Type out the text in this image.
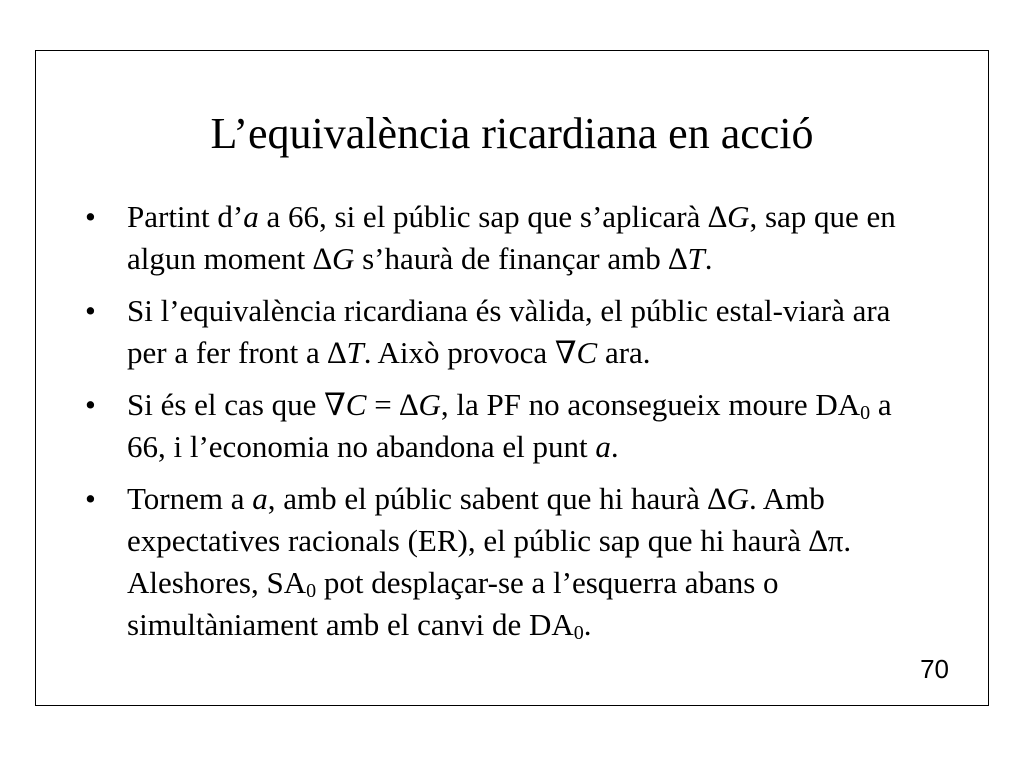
L’equivalència ricardiana en acció
•	Partint d’a a 66, si el públic sap que s’aplicarà ∆G, sap que en algun moment ∆G s’haurà de finançar amb ∆T.
•	Si l’equivalència ricardiana és vàlida, el públic estal-viarà ara per a fer front a ∆T. Això provoca ∇C ara.
•	Si és el cas que ∇C = ∆G, la PF no aconsegueix moure $DA_0$ a 66, i l’economia no abandona el punt a.
•	Tornem a a, amb el públic sabent que hi haurà ∆G. Amb expectatives racionals (ER), el públic sap que hi haurà ∆π. Aleshores, $SA_0$ pot desplaçar-se a l’esquerra abans o simultàniament amb el canvi de $DA_0$.
70
